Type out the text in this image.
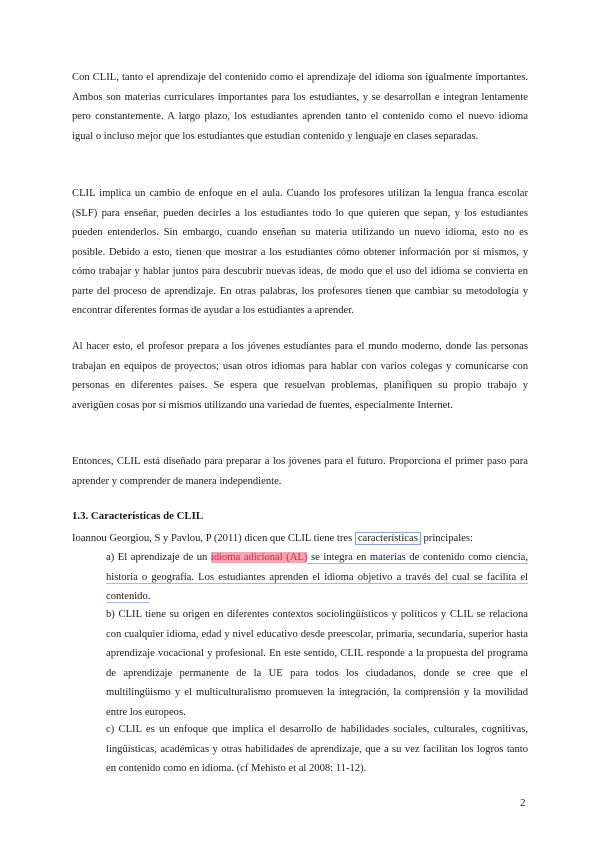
Con CLIL, tanto el aprendizaje del contenido como el aprendizaje del idioma son igualmente importantes. Ambos son materias curriculares importantes para los estudiantes, y se desarrollan e integran lentamente pero constantemente. A largo plazo, los estudiantes aprenden tanto el contenido como el nuevo idioma igual o incluso mejor que los estudiantes que estudian contenido y lenguaje en clases separadas.

CLIL implica un cambio de enfoque en el aula. Cuando los profesores utilizan la lengua franca escolar (SLF) para enseñar, pueden decirles a los estudiantes todo lo que quieren que sepan, y los estudiantes pueden entenderlos. Sin embargo, cuando enseñan su materia utilizando un nuevo idioma, esto no es posible. Debido a esto, tienen que mostrar a los estudiantes cómo obtener información por sí mismos, y cómo trabajar y hablar juntos para descubrir nuevas ideas, de modo que el uso del idioma se convierta en parte del proceso de aprendizaje. En otras palabras, los profesores tienen que cambiar su metodología y encontrar diferentes formas de ayudar a los estudiantes a aprender.

Al hacer esto, el profesor prepara a los jóvenes estudiantes para el mundo moderno, donde las personas trabajan en equipos de proyectos; usan otros idiomas para hablar con varios colegas y comunicarse con personas en diferentes países. Se espera que resuelvan problemas, planifiquen su propio trabajo y averigüen cosas por sí mismos utilizando una variedad de fuentes, especialmente Internet.

Entonces, CLIL está diseñado para preparar a los jóvenes para el futuro. Proporciona el primer paso para aprender y comprender de manera independiente.

1.3. Características de CLIL

Ioannou Georgiou, S y Pavlou, P (2011) dicen que CLIL tiene tres características principales:

a) El aprendizaje de un idioma adicional (AL) se integra en materias de contenido como ciencia, historia o geografía. Los estudiantes aprenden el idioma objetivo a través del cual se facilita el contenido.

b) CLIL tiene su origen en diferentes contextos sociolingüísticos y políticos y CLIL se relaciona con cualquier idioma, edad y nivel educativo desde preescolar, primaria, secundaria, superior hasta aprendizaje vocacional y profesional. En este sentido, CLIL responde a la propuesta del programa de aprendizaje permanente de la UE para todos los ciudadanos, donde se cree que el multilingüismo y el multiculturalismo promueven la integración, la comprensión y la movilidad entre los europeos.

c) CLIL es un enfoque que implica el desarrollo de habilidades sociales, culturales, cognitivas, lingüísticas, académicas y otras habilidades de aprendizaje, que a su vez facilitan los logros tanto en contenido como en idioma. (cf Mehisto et al 2008: 11-12).

2
